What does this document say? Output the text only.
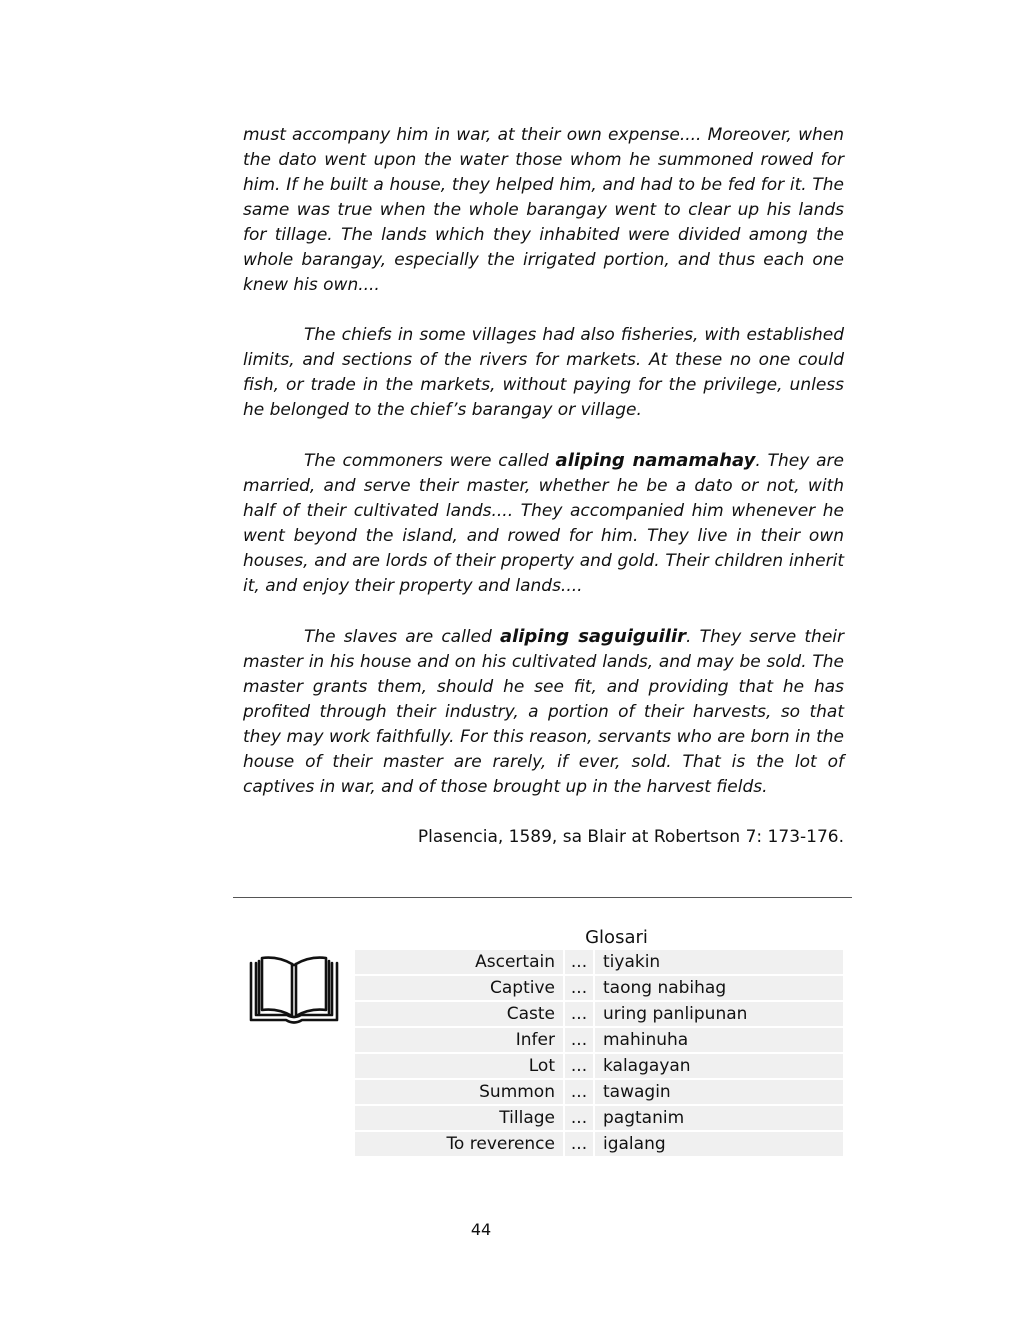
must accompany him in war, at their own expense.... Moreover, when the dato went upon the water those whom he summoned rowed for him. If he built a house, they helped him, and had to be fed for it. The same was true when the whole barangay went to clear up his lands for tillage. The lands which they inhabited were divided among the whole barangay, especially the irrigated portion, and thus each one knew his own....

The chiefs in some villages had also fisheries, with established limits, and sections of the rivers for markets. At these no one could fish, or trade in the markets, without paying for the privilege, unless he belonged to the chief’s barangay or village.

The commoners were called aliping namamahay. They are married, and serve their master, whether he be a dato or not, with half of their cultivated lands.... They accompanied him whenever he went beyond the island, and rowed for him. They live in their own houses, and are lords of their property and gold. Their children inherit it, and enjoy their property and lands....

The slaves are called aliping saguiguilir. They serve their master in his house and on his cultivated lands, and may be sold. The master grants them, should he see fit, and providing that he has profited through their industry, a portion of their harvests, so that they may work faithfully. For this reason, servants who are born in the house of their master are rarely, if ever, sold. That is the lot of captives in war, and of those brought up in the harvest fields.

Plasencia, 1589, sa Blair at Robertson 7: 173-176.

Glosari
Ascertain	...	tiyakin
Captive	...	taong nabihag
Caste	...	uring panlipunan
Infer	...	mahinuha
Lot	...	kalagayan
Summon	...	tawagin
Tillage	...	pagtanim
To reverence	...	igalang
44
